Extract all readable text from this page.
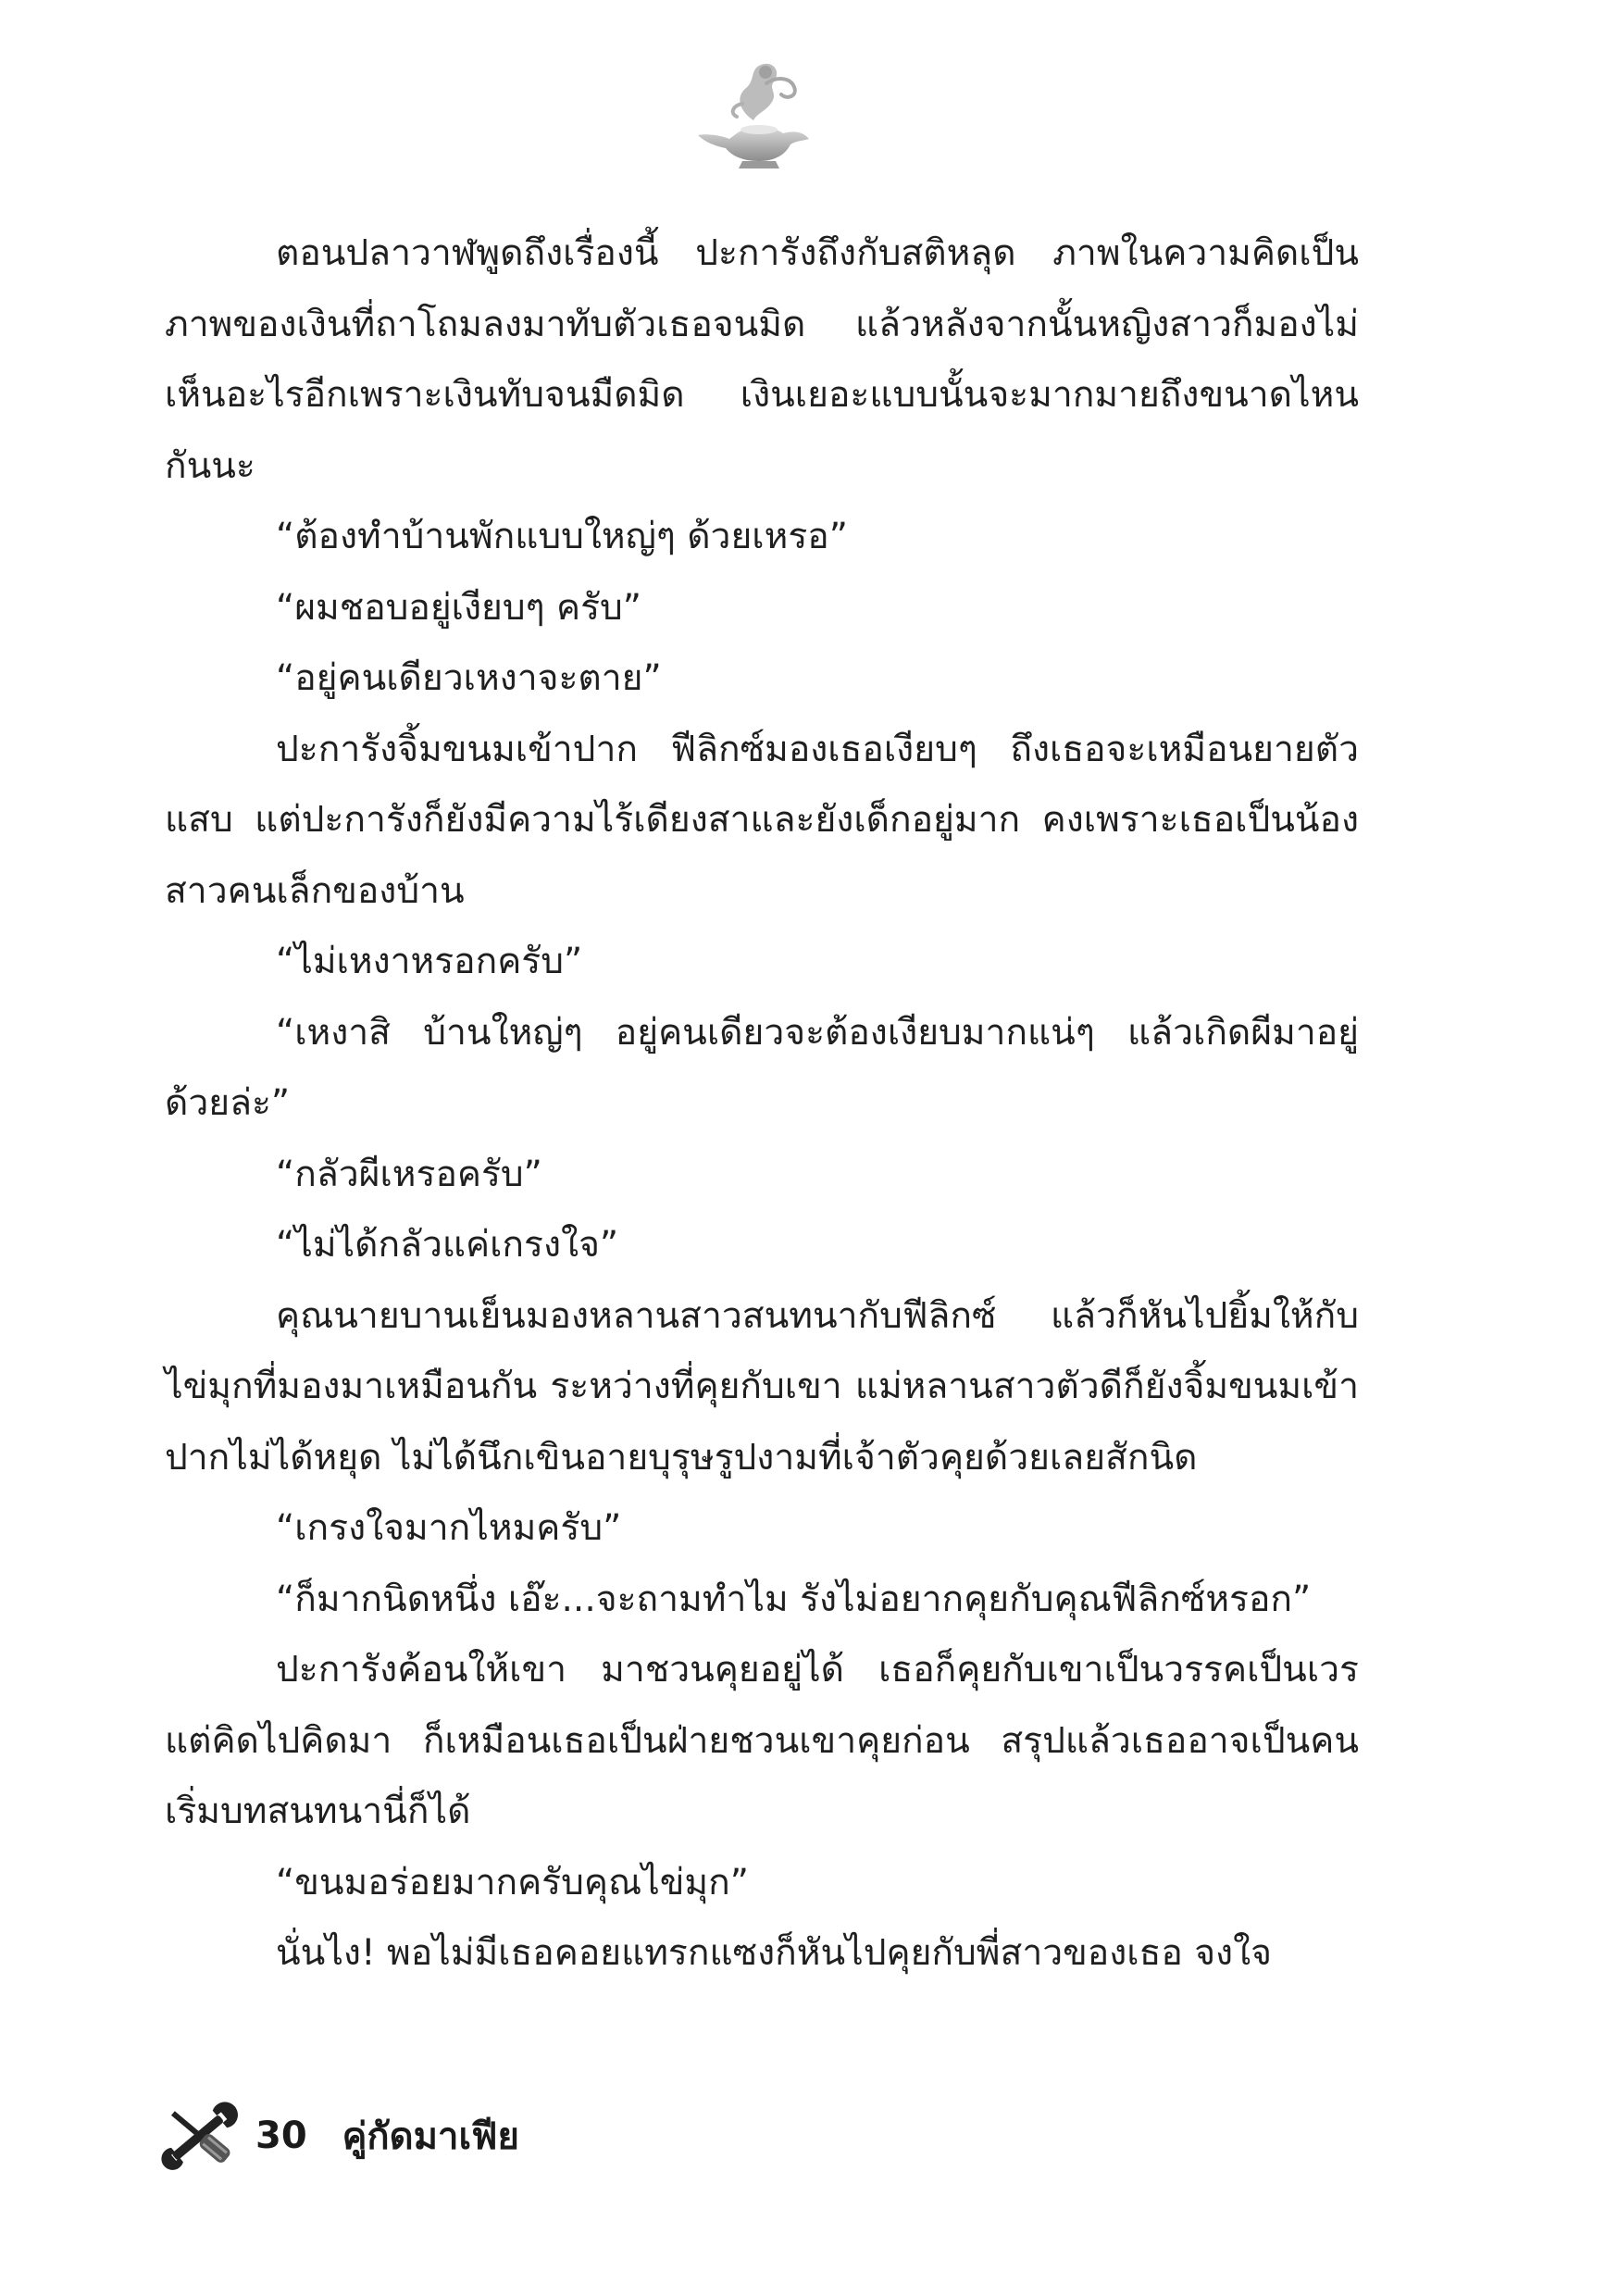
ตอนปลาวาฬพูดถึงเรื่องนี้ ปะการังถึงกับสติหลุด ภาพในความคิดเป็นภาพของเงินที่ถาโถมลงมาทับตัวเธอจนมิด แล้วหลังจากนั้นหญิงสาวก็มองไม่เห็นอะไรอีกเพราะเงินทับจนมืดมิด เงินเยอะแบบนั้นจะมากมายถึงขนาดไหนกันนะ

“ต้องทำบ้านพักแบบใหญ่ๆ ด้วยเหรอ”

“ผมชอบอยู่เงียบๆ ครับ”

“อยู่คนเดียวเหงาจะตาย”

ปะการังจิ้มขนมเข้าปาก ฟีลิกซ์มองเธอเงียบๆ ถึงเธอจะเหมือนยายตัวแสบ แต่ปะการังก็ยังมีความไร้เดียงสาและยังเด็กอยู่มาก คงเพราะเธอเป็นน้องสาวคนเล็กของบ้าน

“ไม่เหงาหรอกครับ”

“เหงาสิ บ้านใหญ่ๆ อยู่คนเดียวจะต้องเงียบมากแน่ๆ แล้วเกิดผีมาอยู่ด้วยล่ะ”

“กลัวผีเหรอครับ”

“ไม่ได้กลัวแค่เกรงใจ”

คุณนายบานเย็นมองหลานสาวสนทนากับฟีลิกซ์ แล้วก็หันไปยิ้มให้กับไข่มุกที่มองมาเหมือนกัน ระหว่างที่คุยกับเขา แม่หลานสาวตัวดีก็ยังจิ้มขนมเข้าปากไม่ได้หยุด ไม่ได้นึกเขินอายบุรุษรูปงามที่เจ้าตัวคุยด้วยเลยสักนิด

“เกรงใจมากไหมครับ”

“ก็มากนิดหนึ่ง เอ๊ะ...จะถามทำไม รังไม่อยากคุยกับคุณฟีลิกซ์หรอก”

ปะการังค้อนให้เขา มาชวนคุยอยู่ได้ เธอก็คุยกับเขาเป็นวรรคเป็นเวร แต่คิดไปคิดมา ก็เหมือนเธอเป็นฝ่ายชวนเขาคุยก่อน สรุปแล้วเธออาจเป็นคนเริ่มบทสนทนานี่ก็ได้

“ขนมอร่อยมากครับคุณไข่มุก”

นั่นไง! พอไม่มีเธอคอยแทรกแซงก็หันไปคุยกับพี่สาวของเธอ จงใจ

30 คู่กัดมาเฟีย
